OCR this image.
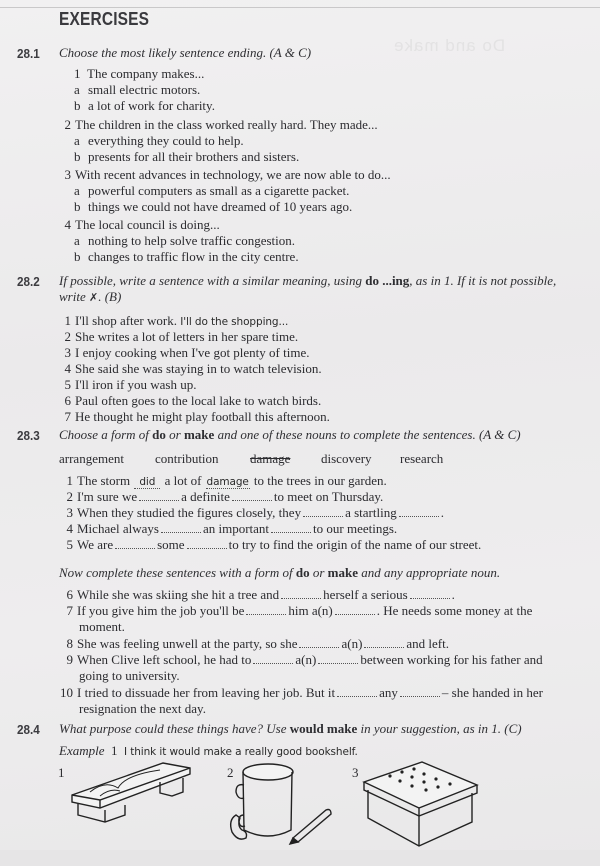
Do and make
EXERCISES
28.1 Choose the most likely sentence ending. (A & C)
1 The company makes...
a small electric motors.
b a lot of work for charity.
2 The children in the class worked really hard. They made...
a everything they could to help.
b presents for all their brothers and sisters.
3 With recent advances in technology, we are now able to do...
a powerful computers as small as a cigarette packet.
b things we could not have dreamed of 10 years ago.
4 The local council is doing...
a nothing to help solve traffic congestion.
b changes to traffic flow in the city centre.
28.2 If possible, write a sentence with a similar meaning, using do ...ing, as in 1. If it is not possible,
write ✗. (B)
1 I'll shop after work. I'll do the shopping...
2 She writes a lot of letters in her spare time.
3 I enjoy cooking when I've got plenty of time.
4 She said she was staying in to watch television.
5 I'll iron if you wash up.
6 Paul often goes to the local lake to watch birds.
7 He thought he might play football this afternoon.
28.3 Choose a form of do or make and one of these nouns to complete the sentences. (A & C)
arrangement contribution damage discovery research
1 The storm did a lot of damage to the trees in our garden.
2 I'm sure we	a definite	to meet on Thursday.
3 When they studied the figures closely, they	a startling	.
4 Michael always	an important	to our meetings.
5 We are	some	to try to find the origin of the name of our street.
Now complete these sentences with a form of do or make and any appropriate noun.
6 While she was skiing she hit a tree and	herself a serious	.
7 If you give him the job you'll be	him a(n)	. He needs some money at the
moment.
8 She was feeling unwell at the party, so she	a(n)	and left.
9 When Clive left school, he had to	a(n)	between working for his father and
going to university.
10 I tried to dissuade her from leaving her job. But it	any	– she handed in her
resignation the next day.
28.4 What purpose could these things have? Use would make in your suggestion, as in 1. (C)
Example 1 I think it would make a really good bookshelf.
1	2	3
